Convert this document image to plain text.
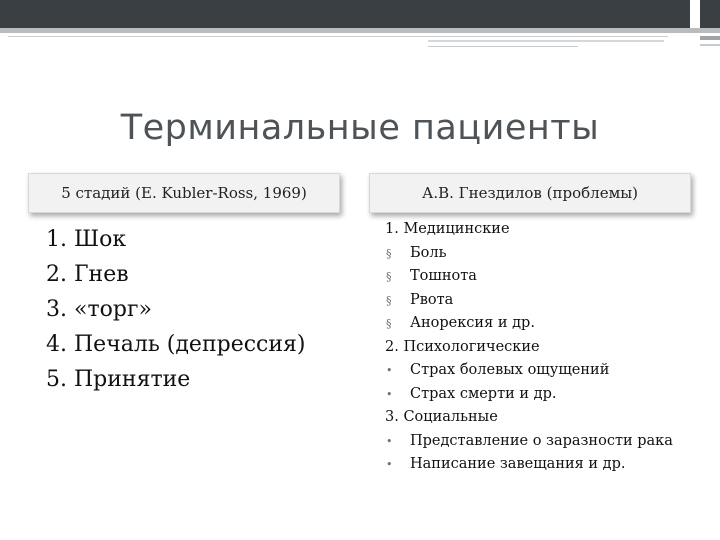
Терминальные пациенты
5 стадий (E. Kubler-Ross, 1969)	А.В. Гнездилов (проблемы)
1. Шок
2. Гнев
3. «торг»
4. Печаль (депрессия)
5. Принятие
1. Медицинские
§ Боль
§ Тошнота
§ Рвота
§ Анорексия и др.
2. Психологические
• Страх болевых ощущений
• Страх смерти и др.
3. Социальные
• Представление о заразности рака
• Написание завещания и др.
